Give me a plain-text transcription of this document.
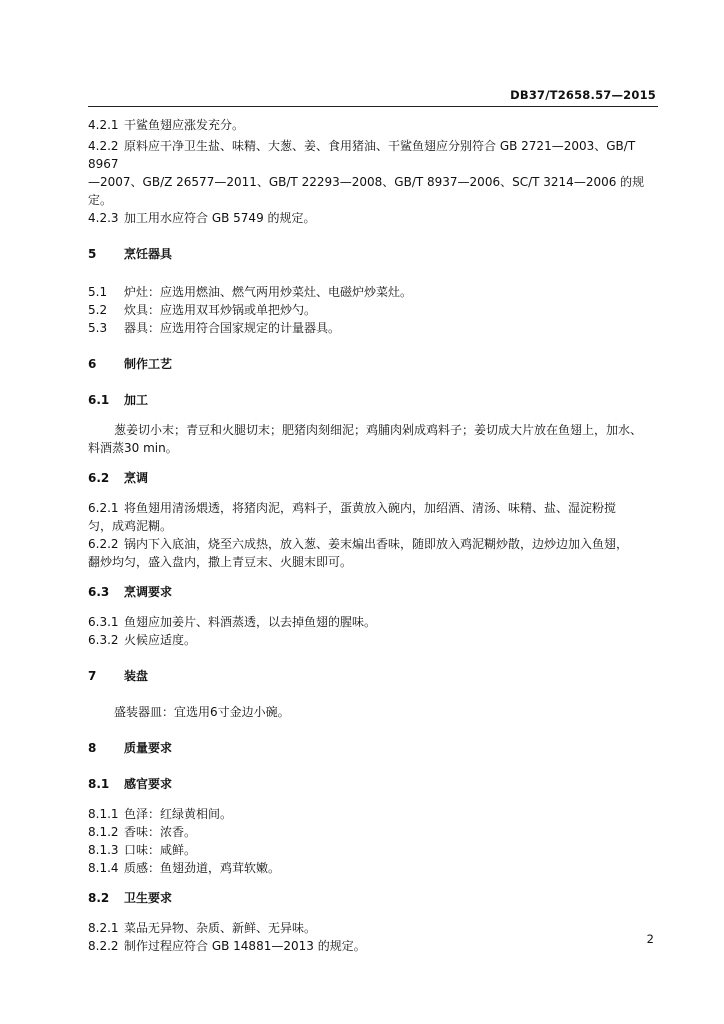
DB37/T2658.57—2015

4.2.1 干鲨鱼翅应涨发充分。

4.2.2 原料应干净卫生盐、味精、大葱、姜、食用猪油、干鲨鱼翅应分别符合 GB 2721—2003、GB/T 8967

—2007、GB/Z 26577—2011、GB/T 22293—2008、GB/T 8937—2006、SC/T 3214—2006 的规定。

4.2.3 加工用水应符合 GB 5749 的规定。

5 烹饪器具

5.1 炉灶：应选用燃油、燃气两用炒菜灶、电磁炉炒菜灶。

5.2 炊具：应选用双耳炒锅或单把炒勺。

5.3 器具：应选用符合国家规定的计量器具。

6 制作工艺

6.1 加工

葱姜切小末；青豆和火腿切末；肥猪肉刻细泥；鸡脯肉剁成鸡料子；姜切成大片放在鱼翅上，加水、

料酒蒸30 min。

6.2 烹调

6.2.1 将鱼翅用清汤煨透，将猪肉泥，鸡料子，蛋黄放入碗内，加绍酒、清汤、味精、盐、湿淀粉搅

匀，成鸡泥糊。

6.2.2 锅内下入底油，烧至六成热，放入葱、姜末煸出香味，随即放入鸡泥糊炒散，边炒边加入鱼翅，

翻炒均匀，盛入盘内，撒上青豆末、火腿末即可。

6.3 烹调要求

6.3.1 鱼翅应加姜片、料酒蒸透，以去掉鱼翅的腥味。

6.3.2 火候应适度。

7 装盘

盛装器皿：宜选用6寸金边小碗。

8 质量要求

8.1 感官要求

8.1.1 色泽：红绿黄相间。

8.1.2 香味：浓香。

8.1.3 口味：咸鲜。

8.1.4 质感：鱼翅劲道，鸡茸软嫩。

8.2 卫生要求

8.2.1 菜品无异物、杂质、新鲜、无异味。

8.2.2 制作过程应符合 GB 14881—2013 的规定。	2
